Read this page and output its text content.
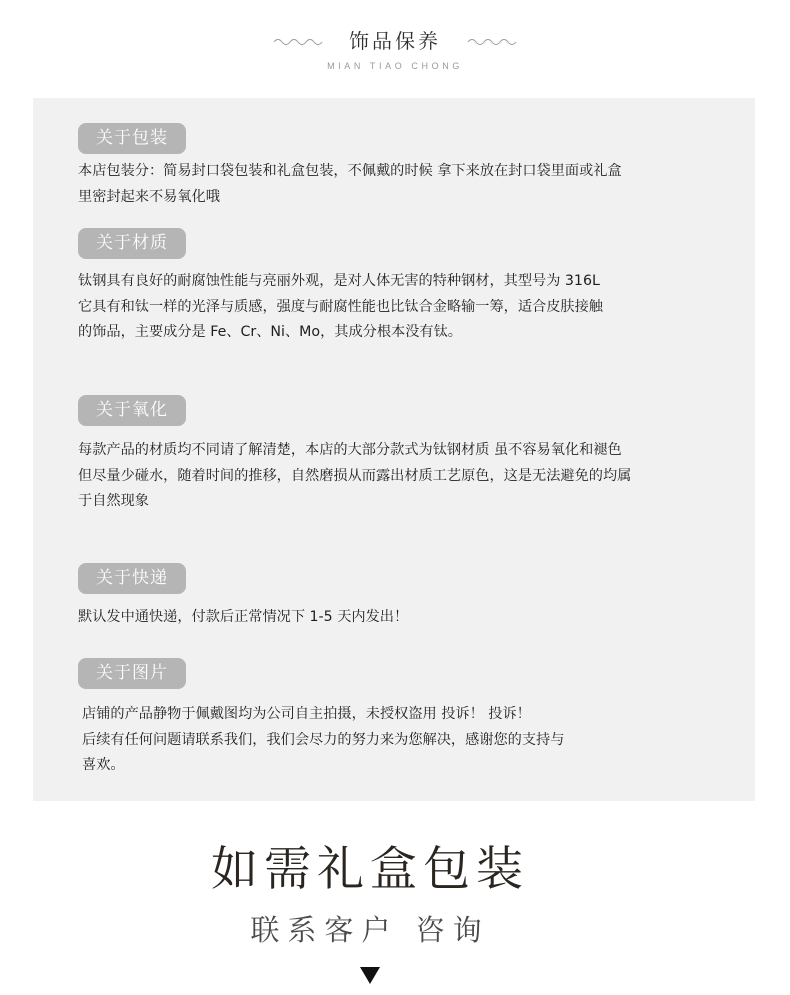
饰品保养
MIAN TIAO CHONG
关于包装
本店包装分：简易封口袋包装和礼盒包装，不佩戴的时候 拿下来放在封口袋里面或礼盒
里密封起来不易氧化哦
关于材质
钛钢具有良好的耐腐蚀性能与亮丽外观，是对人体无害的特种钢材，其型号为 316L
它具有和钛一样的光泽与质感，强度与耐腐性能也比钛合金略输一筹，适合皮肤接触
的饰品，主要成分是 Fe、Cr、Ni、Mo，其成分根本没有钛。
关于氧化
每款产品的材质均不同请了解清楚，本店的大部分款式为钛钢材质 虽不容易氧化和褪色
但尽量少碰水，随着时间的推移，自然磨损从而露出材质工艺原色，这是无法避免的均属
于自然现象
关于快递
默认发中通快递，付款后正常情况下 1-5 天内发出！
关于图片
店铺的产品静物于佩戴图均为公司自主拍摄，未授权盗用 投诉！ 投诉！
后续有任何问题请联系我们，我们会尽力的努力来为您解决，感谢您的支持与
喜欢。
如需礼盒包装
联系客户 咨询
